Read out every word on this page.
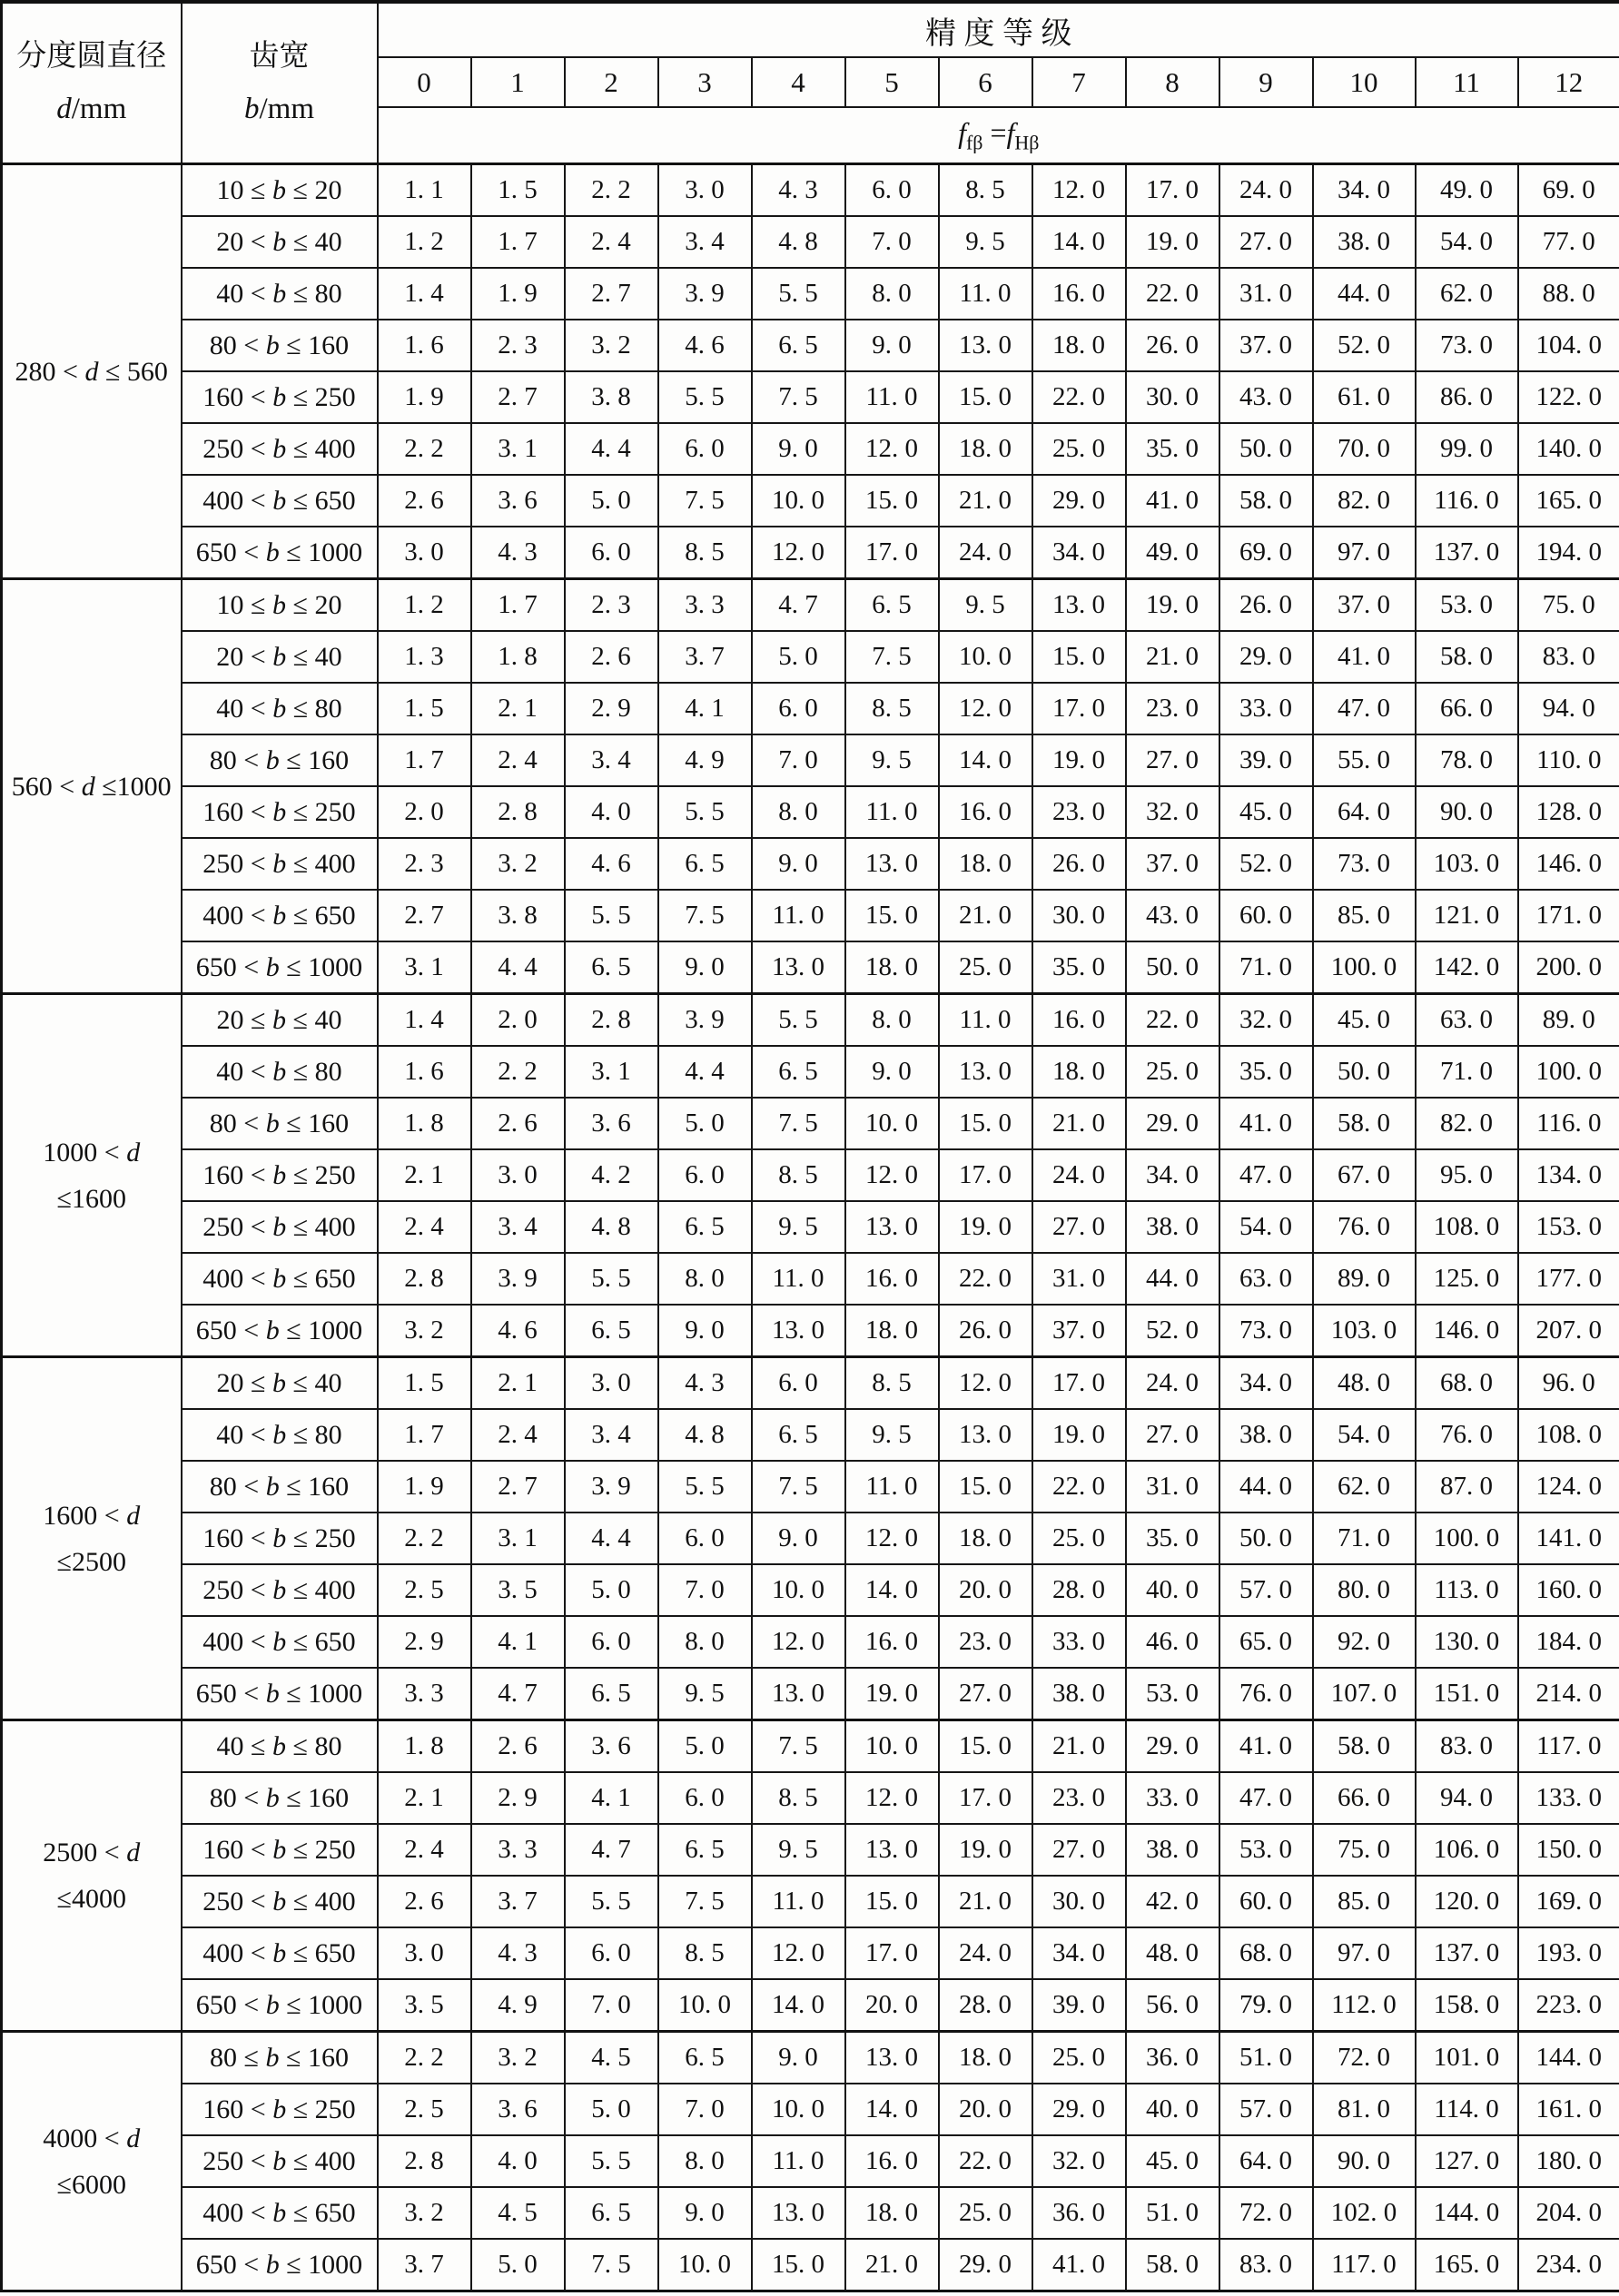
分度圆直径
d/mm

齿宽
b/mm
	精 度 等 级
		0	1	2	3	4	5	6	7	8	9	10	11	12
		$f_{f\beta} =f_{H\beta}$

280 < d ≤ 560	10 ≤ b ≤ 20	1. 1	1. 5	2. 2	3. 0	4. 3	6. 0	8. 5	12. 0	17. 0	24. 0	34. 0	49. 0	69. 0
	20 < b ≤ 40	1. 2	1. 7	2. 4	3. 4	4. 8	7. 0	9. 5	14. 0	19. 0	27. 0	38. 0	54. 0	77. 0
	40 < b ≤ 80	1. 4	1. 9	2. 7	3. 9	5. 5	8. 0	11. 0	16. 0	22. 0	31. 0	44. 0	62. 0	88. 0
	80 < b ≤ 160	1. 6	2. 3	3. 2	4. 6	6. 5	9. 0	13. 0	18. 0	26. 0	37. 0	52. 0	73. 0	104. 0
	160 < b ≤ 250	1. 9	2. 7	3. 8	5. 5	7. 5	11. 0	15. 0	22. 0	30. 0	43. 0	61. 0	86. 0	122. 0
	250 < b ≤ 400	2. 2	3. 1	4. 4	6. 0	9. 0	12. 0	18. 0	25. 0	35. 0	50. 0	70. 0	99. 0	140. 0
	400 < b ≤ 650	2. 6	3. 6	5. 0	7. 5	10. 0	15. 0	21. 0	29. 0	41. 0	58. 0	82. 0	116. 0	165. 0
	650 < b ≤ 1000	3. 0	4. 3	6. 0	8. 5	12. 0	17. 0	24. 0	34. 0	49. 0	69. 0	97. 0	137. 0	194. 0

560 < d ≤1000	10 ≤ b ≤ 20	1. 2	1. 7	2. 3	3. 3	4. 7	6. 5	9. 5	13. 0	19. 0	26. 0	37. 0	53. 0	75. 0
	20 < b ≤ 40	1. 3	1. 8	2. 6	3. 7	5. 0	7. 5	10. 0	15. 0	21. 0	29. 0	41. 0	58. 0	83. 0
	40 < b ≤ 80	1. 5	2. 1	2. 9	4. 1	6. 0	8. 5	12. 0	17. 0	23. 0	33. 0	47. 0	66. 0	94. 0
	80 < b ≤ 160	1. 7	2. 4	3. 4	4. 9	7. 0	9. 5	14. 0	19. 0	27. 0	39. 0	55. 0	78. 0	110. 0
	160 < b ≤ 250	2. 0	2. 8	4. 0	5. 5	8. 0	11. 0	16. 0	23. 0	32. 0	45. 0	64. 0	90. 0	128. 0
	250 < b ≤ 400	2. 3	3. 2	4. 6	6. 5	9. 0	13. 0	18. 0	26. 0	37. 0	52. 0	73. 0	103. 0	146. 0
	400 < b ≤ 650	2. 7	3. 8	5. 5	7. 5	11. 0	15. 0	21. 0	30. 0	43. 0	60. 0	85. 0	121. 0	171. 0
	650 < b ≤ 1000	3. 1	4. 4	6. 5	9. 0	13. 0	18. 0	25. 0	35. 0	50. 0	71. 0	100. 0	142. 0	200. 0

1000 < d
≤1600	20 ≤ b ≤ 40	1. 4	2. 0	2. 8	3. 9	5. 5	8. 0	11. 0	16. 0	22. 0	32. 0	45. 0	63. 0	89. 0
	40 < b ≤ 80	1. 6	2. 2	3. 1	4. 4	6. 5	9. 0	13. 0	18. 0	25. 0	35. 0	50. 0	71. 0	100. 0
	80 < b ≤ 160	1. 8	2. 6	3. 6	5. 0	7. 5	10. 0	15. 0	21. 0	29. 0	41. 0	58. 0	82. 0	116. 0
	160 < b ≤ 250	2. 1	3. 0	4. 2	6. 0	8. 5	12. 0	17. 0	24. 0	34. 0	47. 0	67. 0	95. 0	134. 0
	250 < b ≤ 400	2. 4	3. 4	4. 8	6. 5	9. 5	13. 0	19. 0	27. 0	38. 0	54. 0	76. 0	108. 0	153. 0
	400 < b ≤ 650	2. 8	3. 9	5. 5	8. 0	11. 0	16. 0	22. 0	31. 0	44. 0	63. 0	89. 0	125. 0	177. 0
	650 < b ≤ 1000	3. 2	4. 6	6. 5	9. 0	13. 0	18. 0	26. 0	37. 0	52. 0	73. 0	103. 0	146. 0	207. 0

1600 < d
≤2500	20 ≤ b ≤ 40	1. 5	2. 1	3. 0	4. 3	6. 0	8. 5	12. 0	17. 0	24. 0	34. 0	48. 0	68. 0	96. 0
	40 < b ≤ 80	1. 7	2. 4	3. 4	4. 8	6. 5	9. 5	13. 0	19. 0	27. 0	38. 0	54. 0	76. 0	108. 0
	80 < b ≤ 160	1. 9	2. 7	3. 9	5. 5	7. 5	11. 0	15. 0	22. 0	31. 0	44. 0	62. 0	87. 0	124. 0
	160 < b ≤ 250	2. 2	3. 1	4. 4	6. 0	9. 0	12. 0	18. 0	25. 0	35. 0	50. 0	71. 0	100. 0	141. 0
	250 < b ≤ 400	2. 5	3. 5	5. 0	7. 0	10. 0	14. 0	20. 0	28. 0	40. 0	57. 0	80. 0	113. 0	160. 0
	400 < b ≤ 650	2. 9	4. 1	6. 0	8. 0	12. 0	16. 0	23. 0	33. 0	46. 0	65. 0	92. 0	130. 0	184. 0
	650 < b ≤ 1000	3. 3	4. 7	6. 5	9. 5	13. 0	19. 0	27. 0	38. 0	53. 0	76. 0	107. 0	151. 0	214. 0

2500 < d
≤4000	40 ≤ b ≤ 80	1. 8	2. 6	3. 6	5. 0	7. 5	10. 0	15. 0	21. 0	29. 0	41. 0	58. 0	83. 0	117. 0
	80 < b ≤ 160	2. 1	2. 9	4. 1	6. 0	8. 5	12. 0	17. 0	23. 0	33. 0	47. 0	66. 0	94. 0	133. 0
	160 < b ≤ 250	2. 4	3. 3	4. 7	6. 5	9. 5	13. 0	19. 0	27. 0	38. 0	53. 0	75. 0	106. 0	150. 0
	250 < b ≤ 400	2. 6	3. 7	5. 5	7. 5	11. 0	15. 0	21. 0	30. 0	42. 0	60. 0	85. 0	120. 0	169. 0
	400 < b ≤ 650	3. 0	4. 3	6. 0	8. 5	12. 0	17. 0	24. 0	34. 0	48. 0	68. 0	97. 0	137. 0	193. 0
	650 < b ≤ 1000	3. 5	4. 9	7. 0	10. 0	14. 0	20. 0	28. 0	39. 0	56. 0	79. 0	112. 0	158. 0	223. 0

4000 < d
≤6000	80 ≤ b ≤ 160	2. 2	3. 2	4. 5	6. 5	9. 0	13. 0	18. 0	25. 0	36. 0	51. 0	72. 0	101. 0	144. 0
	160 < b ≤ 250	2. 5	3. 6	5. 0	7. 0	10. 0	14. 0	20. 0	29. 0	40. 0	57. 0	81. 0	114. 0	161. 0
	250 < b ≤ 400	2. 8	4. 0	5. 5	8. 0	11. 0	16. 0	22. 0	32. 0	45. 0	64. 0	90. 0	127. 0	180. 0
	400 < b ≤ 650	3. 2	4. 5	6. 5	9. 0	13. 0	18. 0	25. 0	36. 0	51. 0	72. 0	102. 0	144. 0	204. 0
	650 < b ≤ 1000	3. 7	5. 0	7. 5	10. 0	15. 0	21. 0	29. 0	41. 0	58. 0	83. 0	117. 0	165. 0	234. 0
